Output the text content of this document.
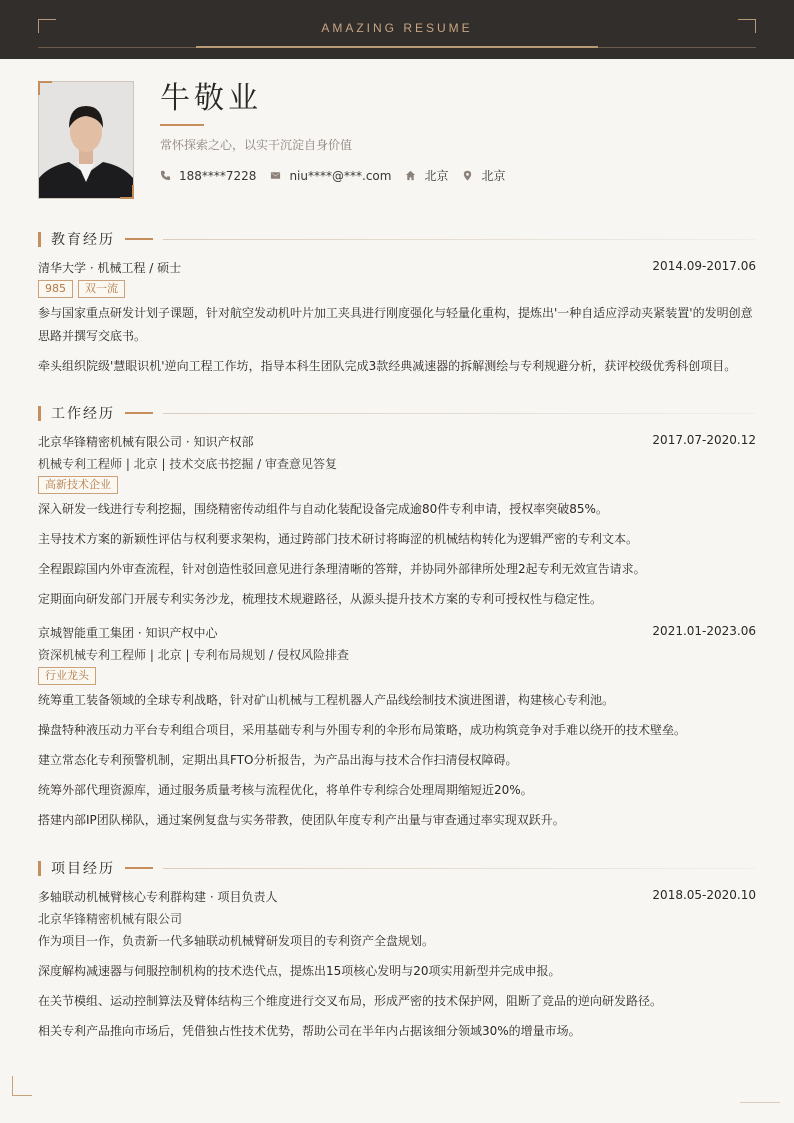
AMAZING RESUME
牛敬业
常怀探索之心，以实干沉淀自身价值
188****7228	niu****@***.com	北京	北京
教育经历
清华大学 · 机械工程 / 硕士	2014.09-2017.06
985	双一流
参与国家重点研发计划子课题，针对航空发动机叶片加工夹具进行刚度强化与轻量化重构，提炼出'一种自适应浮动夹紧装置'的发明创意思路并撰写交底书。
牵头组织院级'慧眼识机'逆向工程工作坊，指导本科生团队完成3款经典减速器的拆解测绘与专利规避分析，获评校级优秀科创项目。
工作经历
北京华锋精密机械有限公司 · 知识产权部	2017.07-2020.12
机械专利工程师 | 北京 | 技术交底书挖掘 / 审查意见答复
高新技术企业
深入研发一线进行专利挖掘，围绕精密传动组件与自动化装配设备完成逾80件专利申请，授权率突破85%。
主导技术方案的新颖性评估与权利要求架构，通过跨部门技术研讨将晦涩的机械结构转化为逻辑严密的专利文本。
全程跟踪国内外审查流程，针对创造性驳回意见进行条理清晰的答辩，并协同外部律所处理2起专利无效宣告请求。
定期面向研发部门开展专利实务沙龙，梳理技术规避路径，从源头提升技术方案的专利可授权性与稳定性。
京城智能重工集团 · 知识产权中心	2021.01-2023.06
资深机械专利工程师 | 北京 | 专利布局规划 / 侵权风险排查
行业龙头
统筹重工装备领域的全球专利战略，针对矿山机械与工程机器人产品线绘制技术演进图谱，构建核心专利池。
操盘特种液压动力平台专利组合项目，采用基础专利与外围专利的伞形布局策略，成功构筑竞争对手难以绕开的技术壁垒。
建立常态化专利预警机制，定期出具FTO分析报告，为产品出海与技术合作扫清侵权障碍。
统筹外部代理资源库，通过服务质量考核与流程优化，将单件专利综合处理周期缩短近20%。
搭建内部IP团队梯队，通过案例复盘与实务带教，使团队年度专利产出量与审查通过率实现双跃升。
项目经历
多轴联动机械臂核心专利群构建 · 项目负责人	2018.05-2020.10
北京华锋精密机械有限公司
作为项目一作，负责新一代多轴联动机械臂研发项目的专利资产全盘规划。
深度解构减速器与伺服控制机构的技术迭代点，提炼出15项核心发明与20项实用新型并完成申报。
在关节模组、运动控制算法及臂体结构三个维度进行交叉布局，形成严密的技术保护网，阻断了竞品的逆向研发路径。
相关专利产品推向市场后，凭借独占性技术优势，帮助公司在半年内占据该细分领域30%的增量市场。
